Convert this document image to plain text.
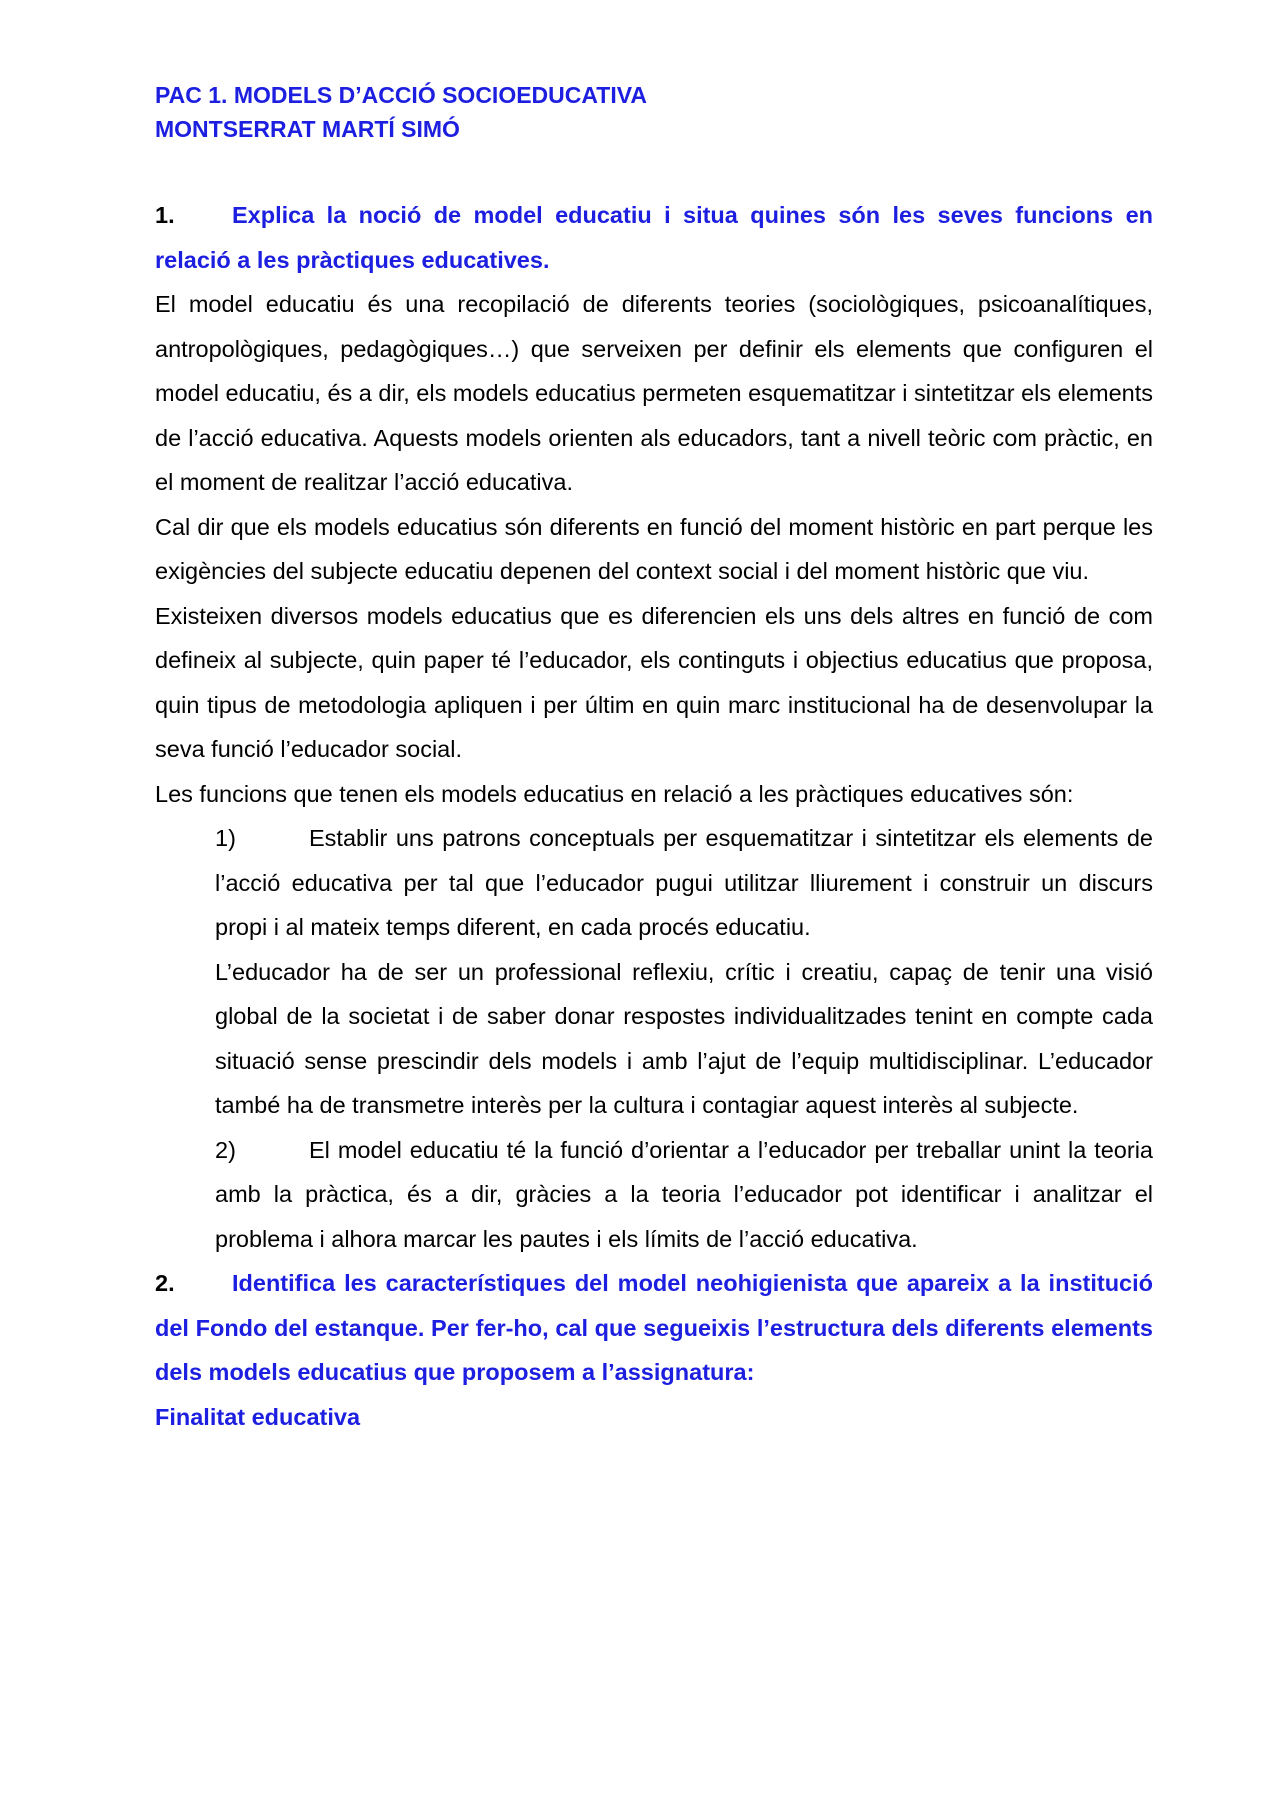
PAC 1. MODELS D’ACCIÓ SOCIOEDUCATIVA

MONTSERRAT MARTÍ SIMÓ

1. Explica la noció de model educatiu i situa quines són les seves funcions en relació a les pràctiques educatives.

El model educatiu és una recopilació de diferents teories (sociològiques, psicoanalítiques, antropològiques, pedagògiques…) que serveixen per definir els elements que configuren el model educatiu, és a dir, els models educatius permeten esquematitzar i sintetitzar els elements de l’acció educativa. Aquests models orienten als educadors, tant a nivell teòric com pràctic, en el moment de realitzar l’acció educativa.

Cal dir que els models educatius són diferents en funció del moment històric en part perque les exigències del subjecte educatiu depenen del context social i del moment històric que viu.

Existeixen diversos models educatius que es diferencien els uns dels altres en funció de com defineix al subjecte, quin paper té l’educador, els continguts i objectius educatius que proposa, quin tipus de metodologia apliquen i per últim en quin marc institucional ha de desenvolupar la seva funció l’educador social.

Les funcions que tenen els models educatius en relació a les pràctiques educatives són:

1)	Establir uns patrons conceptuals per esquematitzar i sintetitzar els elements de l’acció educativa per tal que l’educador pugui utilitzar lliurement i construir un discurs propi i al mateix temps diferent, en cada procés educatiu.

L’educador ha de ser un professional reflexiu, crític i creatiu, capaç de tenir una visió global de la societat i de saber donar respostes individualitzades tenint en compte cada situació sense prescindir dels models i amb l’ajut de l’equip multidisciplinar. L’educador també ha de transmetre interès per la cultura i contagiar aquest interès al subjecte.

2)	El model educatiu té la funció d’orientar a l’educador per treballar unint la teoria amb la pràctica, és a dir, gràcies a la teoria l’educador pot identificar i analitzar el problema i alhora marcar les pautes i els límits de l’acció educativa.

2. Identifica les característiques del model neohigienista que apareix a la institució del Fondo del estanque. Per fer-ho, cal que segueixis l’estructura dels diferents elements dels models educatius que proposem a l’assignatura:

Finalitat educativa
